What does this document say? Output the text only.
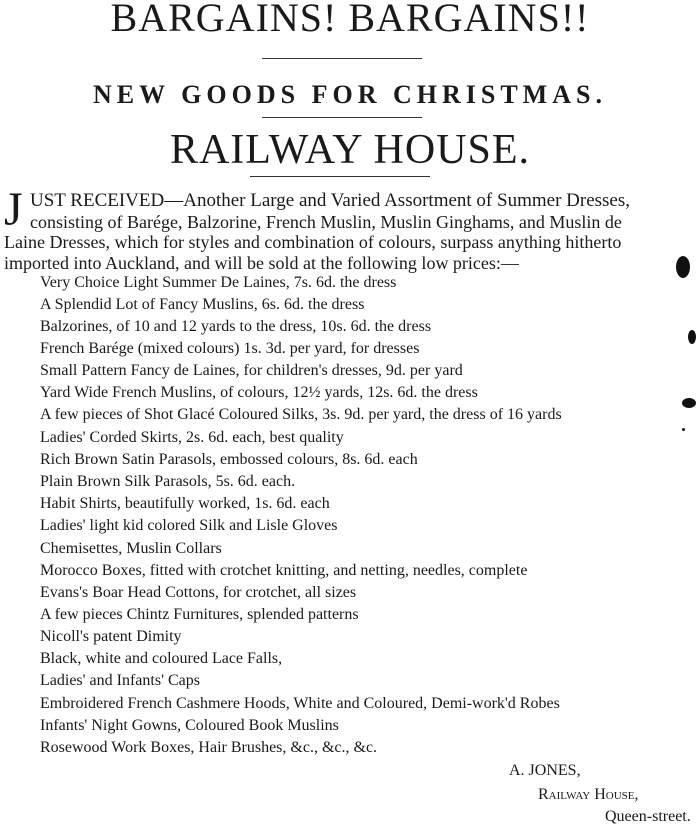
BARGAINS! BARGAINS!!
NEW GOODS FOR CHRISTMAS.
RAILWAY HOUSE.
J UST RECEIVED—Another Large and Varied Assortment of Summer Dresses,
consisting of Barége, Balzorine, French Muslin, Muslin Ginghams, and Muslin de
Laine Dresses, which for styles and combination of colours, surpass anything hitherto
imported into Auckland, and will be sold at the following low prices:—
Very Choice Light Summer De Laines, 7s. 6d. the dress
A Splendid Lot of Fancy Muslins, 6s. 6d. the dress
Balzorines, of 10 and 12 yards to the dress, 10s. 6d. the dress
French Barége (mixed colours) 1s. 3d. per yard, for dresses
Small Pattern Fancy de Laines, for children's dresses, 9d. per yard
Yard Wide French Muslins, of colours, 12½ yards, 12s. 6d. the dress
A few pieces of Shot Glacé Coloured Silks, 3s. 9d. per yard, the dress of 16 yards
Ladies' Corded Skirts, 2s. 6d. each, best quality
Rich Brown Satin Parasols, embossed colours, 8s. 6d. each
Plain Brown Silk Parasols, 5s. 6d. each.
Habit Shirts, beautifully worked, 1s. 6d. each
Ladies' light kid colored Silk and Lisle Gloves
Chemisettes, Muslin Collars
Morocco Boxes, fitted with crotchet knitting, and netting, needles, complete
Evans's Boar Head Cottons, for crotchet, all sizes
A few pieces Chintz Furnitures, splended patterns
Nicoll's patent Dimity
Black, white and coloured Lace Falls,
Ladies' and Infants' Caps
Embroidered French Cashmere Hoods, White and Coloured, Demi-work'd Robes
Infants' Night Gowns, Coloured Book Muslins
Rosewood Work Boxes, Hair Brushes, &c., &c., &c.
A. JONES,
Railway House,
Queen-street.
